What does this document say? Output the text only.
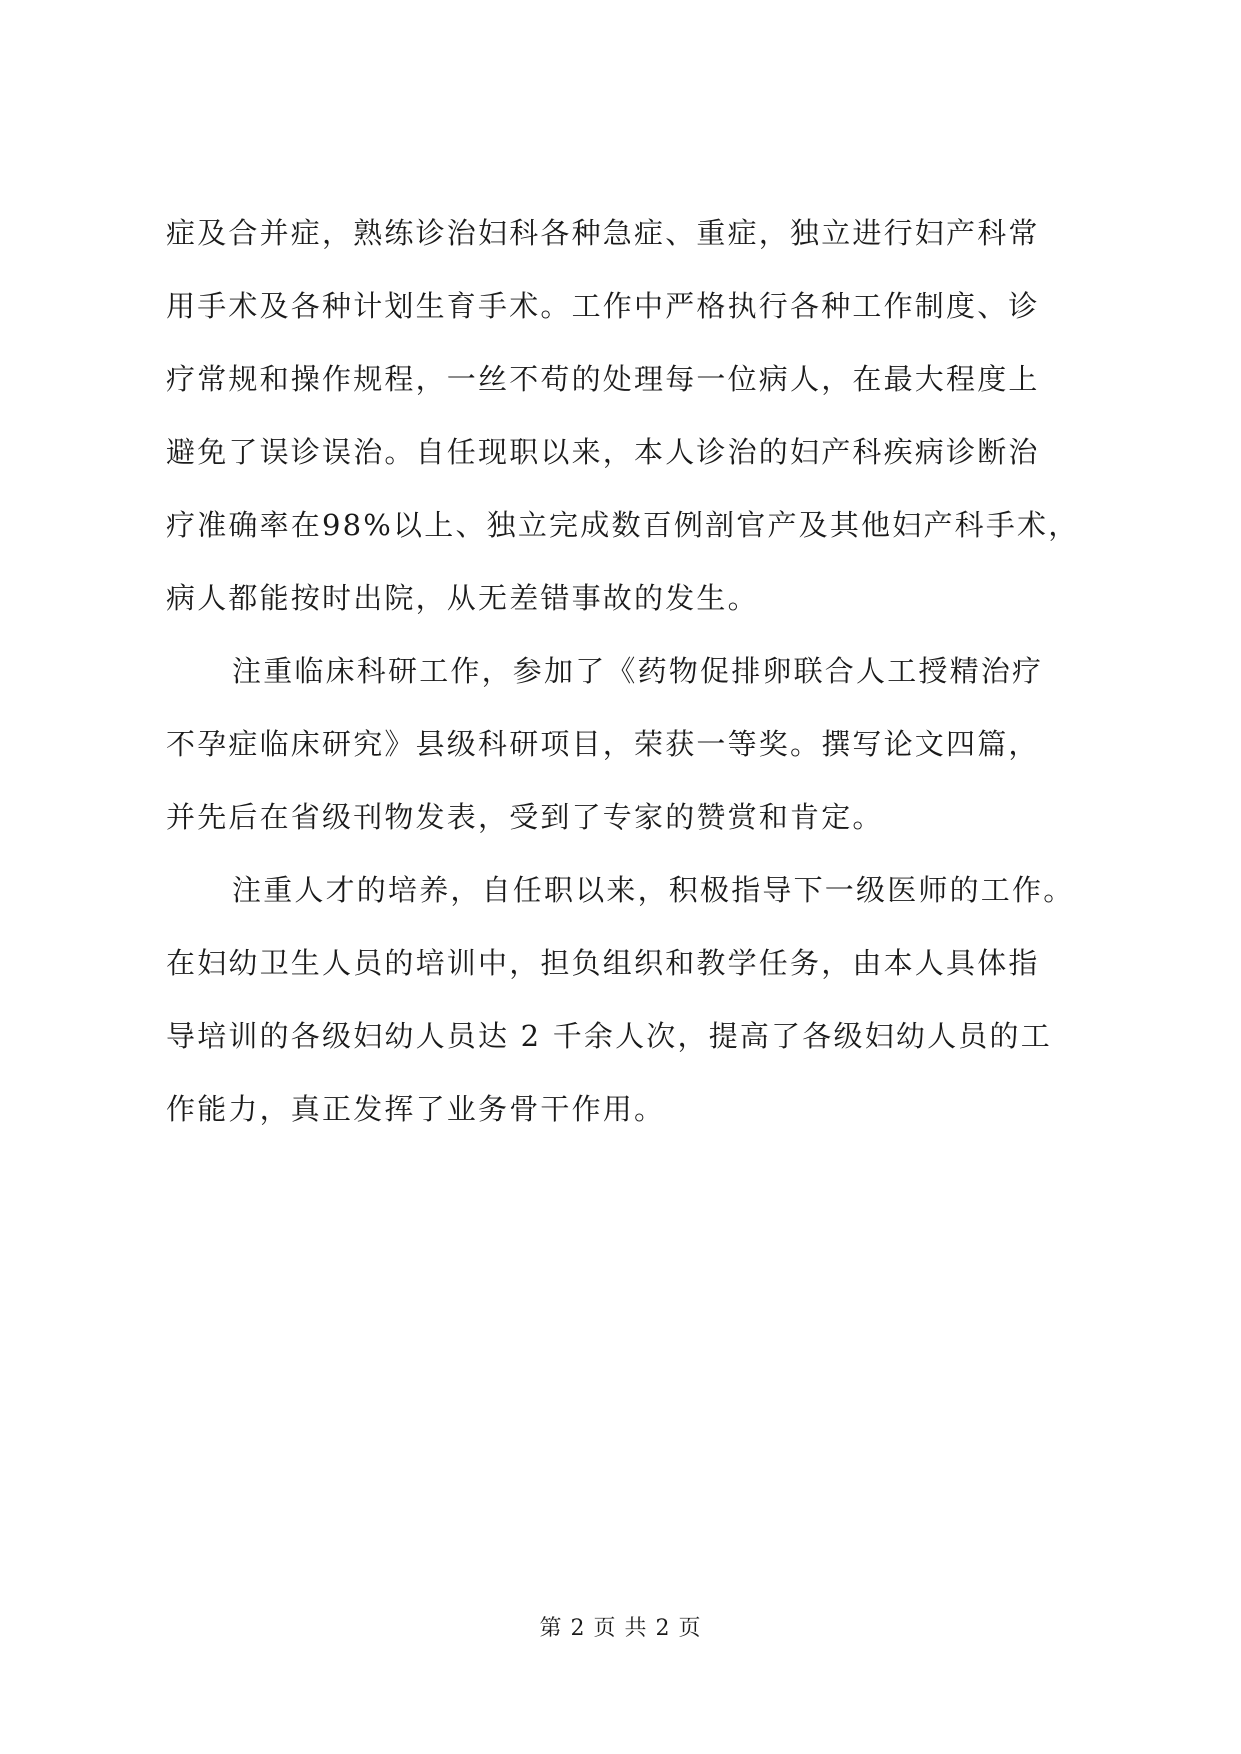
症及合并症，熟练诊治妇科各种急症、重症，独立进行妇产科常
用手术及各种计划生育手术。工作中严格执行各种工作制度、诊
疗常规和操作规程，一丝不苟的处理每一位病人，在最大程度上
避免了误诊误治。自任现职以来，本人诊治的妇产科疾病诊断治
疗准确率在98%以上、独立完成数百例剖官产及其他妇产科手术，
病人都能按时出院，从无差错事故的发生。
注重临床科研工作，参加了《药物促排卵联合人工授精治疗
不孕症临床研究》县级科研项目，荣获一等奖。撰写论文四篇，
并先后在省级刊物发表，受到了专家的赞赏和肯定。
注重人才的培养，自任职以来，积极指导下一级医师的工作。
在妇幼卫生人员的培训中，担负组织和教学任务，由本人具体指
导培训的各级妇幼人员达 2 千余人次，提高了各级妇幼人员的工
作能力，真正发挥了业务骨干作用。
第 2 页 共 2 页
